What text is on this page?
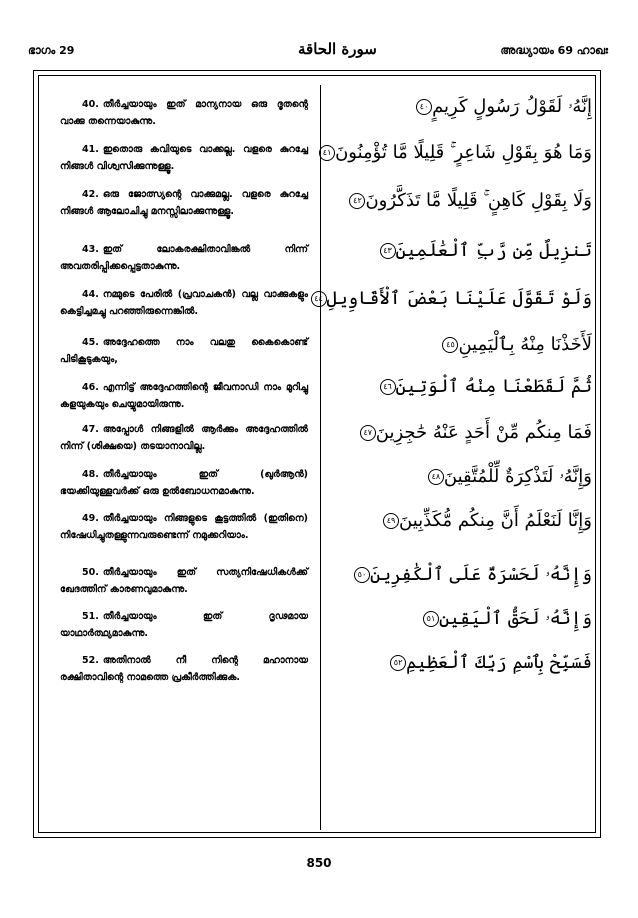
ഭാഗം 29	سورة الحاقة	അദ്ധ്യായം 69 ഹാഖഃ
40. തീർച്ചയായും ഇത് മാന്യനായ ഒരു ദൂതന്റെ വാക്കു തന്നെയാകുന്നു.
41. ഇതൊരു കവിയുടെ വാക്കല്ല. വളരെ കുറച്ചേ നിങ്ങൾ വിശ്വസിക്കുന്നുള്ളൂ.
42. ഒരു ജോത്സ്യന്റെ വാക്കുമല്ല. വളരെ കുറച്ചേ നിങ്ങൾ ആലോചിച്ചു മനസ്സിലാക്കുന്നുള്ളൂ.
43. ഇത് ലോകരക്ഷിതാവിങ്കൽ നിന്ന് അവതരിപ്പിക്കപ്പെട്ടതാകുന്നു.
44. നമ്മുടെ പേരിൽ (പ്രവാചകൻ) വല്ല വാക്കുകളും കെട്ടിച്ചമച്ചു പറഞ്ഞിരുന്നെങ്കിൽ.
45. അദ്ദേഹത്തെ നാം വലതു കൈകൊണ്ട് പിടികൂടുകയും,
46. എന്നിട്ട് അദ്ദേഹത്തിന്റെ ജീവനാഡി നാം മുറിച്ചു കളയുകയും ചെയ്യുമായിരുന്നു.
47. അപ്പോൾ നിങ്ങളിൽ ആർക്കും അദ്ദേഹത്തിൽ നിന്ന് (ശിക്ഷയെ) തടയാനാവില്ല.
48. തീർച്ചയായും ഇത് (ഖുർആൻ) ഭയക്കിയുള്ളവർക്ക് ഒരു ഉൽബോധനമാകുന്നു.
49. തീർച്ചയായും നിങ്ങളുടെ കൂട്ടത്തിൽ (ഇതിനെ) നിഷേധിച്ചുതള്ളുന്നവരുണ്ടെന്ന് നമുക്കറിയാം.
50. തീർച്ചയായും ഇത് സത്യനിഷേധികൾക്ക് ഖേദത്തിന് കാരണവുമാകുന്നു.
51. തീർച്ചയായും ഇത് ദൃഢമായ യാഥാർത്ഥ്യമാകുന്നു.
52. അതിനാൽ നീ നിന്റെ മഹാനായ രക്ഷിതാവിന്റെ നാമത്തെ പ്രകീർത്തിക്കുക.
إِنَّهُۥ لَقَوْلُ رَسُولٍ كَرِيمٍ٤٠
وَمَا هُوَ بِقَوْلِ شَاعِرٍ ۚ قَلِيلًا مَّا تُؤْمِنُونَ٤١
وَلَا بِقَوْلِ كَاهِنٍ ۚ قَلِيلًا مَّا تَذَكَّرُونَ٤٢
تَنزِيلٌ مِّن رَّبِّ ٱلْعَٰلَمِينَ٤٣
وَلَوْ تَقَوَّلَ عَلَيْنَا بَعْضَ ٱلْأَقَاوِيلِ٤٤
لَأَخَذْنَا مِنْهُ بِٱلْيَمِينِ٤٥
ثُمَّ لَقَطَعْنَا مِنْهُ ٱلْوَتِينَ٤٦
فَمَا مِنكُم مِّنْ أَحَدٍ عَنْهُ حَٰجِزِينَ٤٧
وَإِنَّهُۥ لَتَذْكِرَةٌ لِّلْمُتَّقِينَ٤٨
وَإِنَّا لَنَعْلَمُ أَنَّ مِنكُم مُّكَذِّبِينَ٤٩
وَإِنَّهُۥ لَحَسْرَةٌ عَلَى ٱلْكَٰفِرِينَ٥٠
وَإِنَّهُۥ لَحَقُّ ٱلْيَقِينِ٥١
فَسَبِّحْ بِٱسْمِ رَبِّكَ ٱلْعَظِيمِ٥٢
850
